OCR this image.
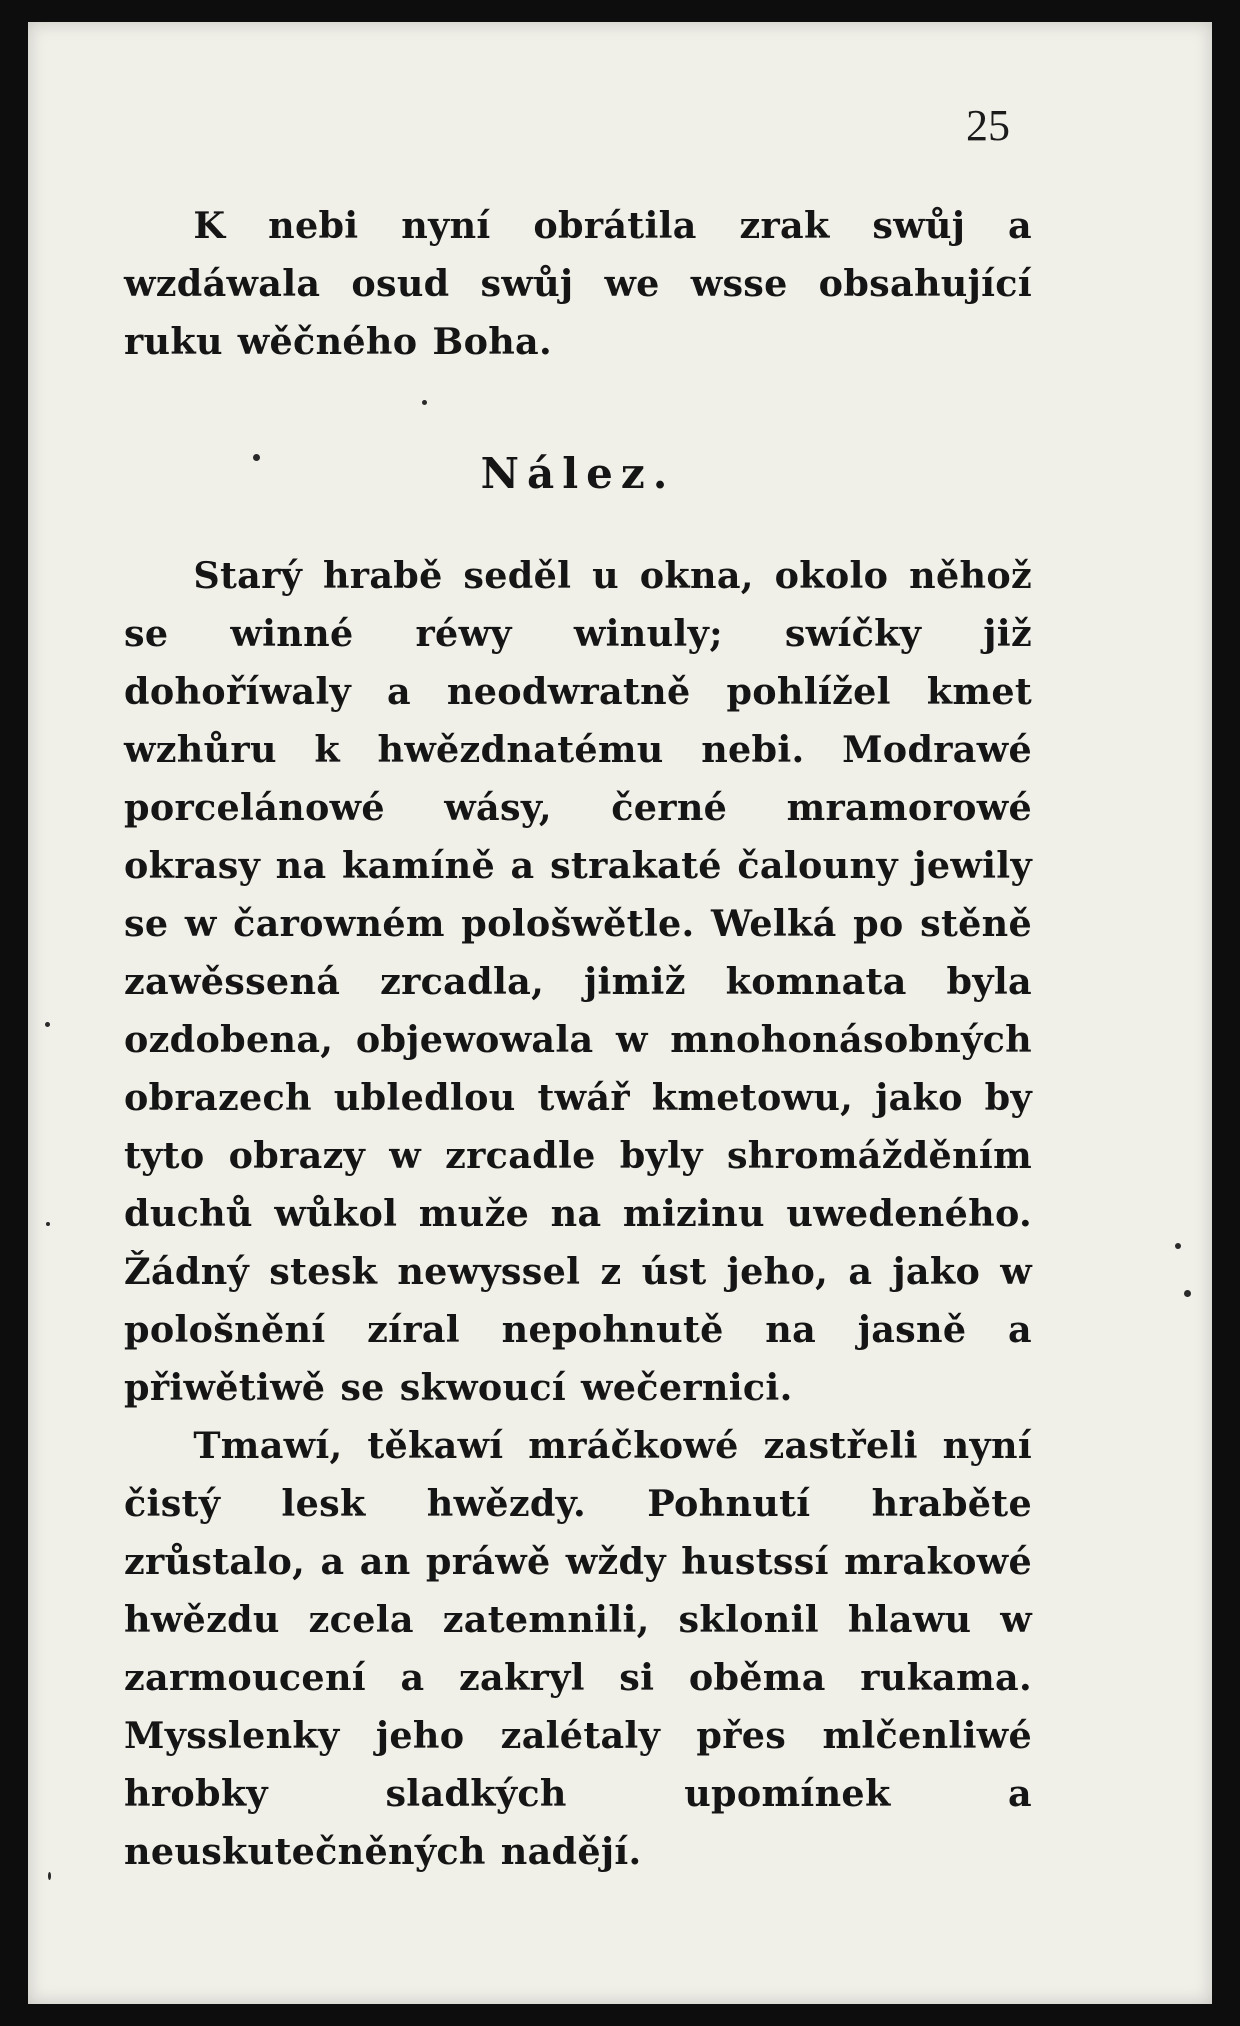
25

K nebi nyní obrátila zrak swůj a wzdáwala osud swůj we wsse obsahující ruku wěčného Boha.

Nález.

Starý hrabě seděl u okna, okolo něhož se winné réwy winuly; swíčky již dohoříwaly a neodwratně pohlížel kmet wzhůru k hwězdnatému nebi. Modrawé porcelánowé wásy, černé mramorowé okrasy na kamíně a strakaté čalouny jewily se w čarowném pološwětle. Welká po stěně zawěssená zrcadla, jimiž komnata byla ozdobena, objewowala w mnohonásobných obrazech ubledlou twář kmetowu, jako by tyto obrazy w zrcadle byly shromážděním duchů wůkol muže na mizinu uwedeného. Žádný stesk newyssel z úst jeho, a jako w pološnění zíral nepohnutě na jasně a přiwětiwě se skwoucí wečernici.

Tmawí, těkawí mráčkowé zastřeli nyní čistý lesk hwězdy. Pohnutí hraběte zrůstalo, a an práwě wždy hustssí mrakowé hwězdu zcela zatemnili, sklonil hlawu w zarmoucení a zakryl si oběma rukama. Mysslenky jeho zalétaly přes mlčenliwé hrobky sladkých upomínek a neuskutečněných nadějí.
